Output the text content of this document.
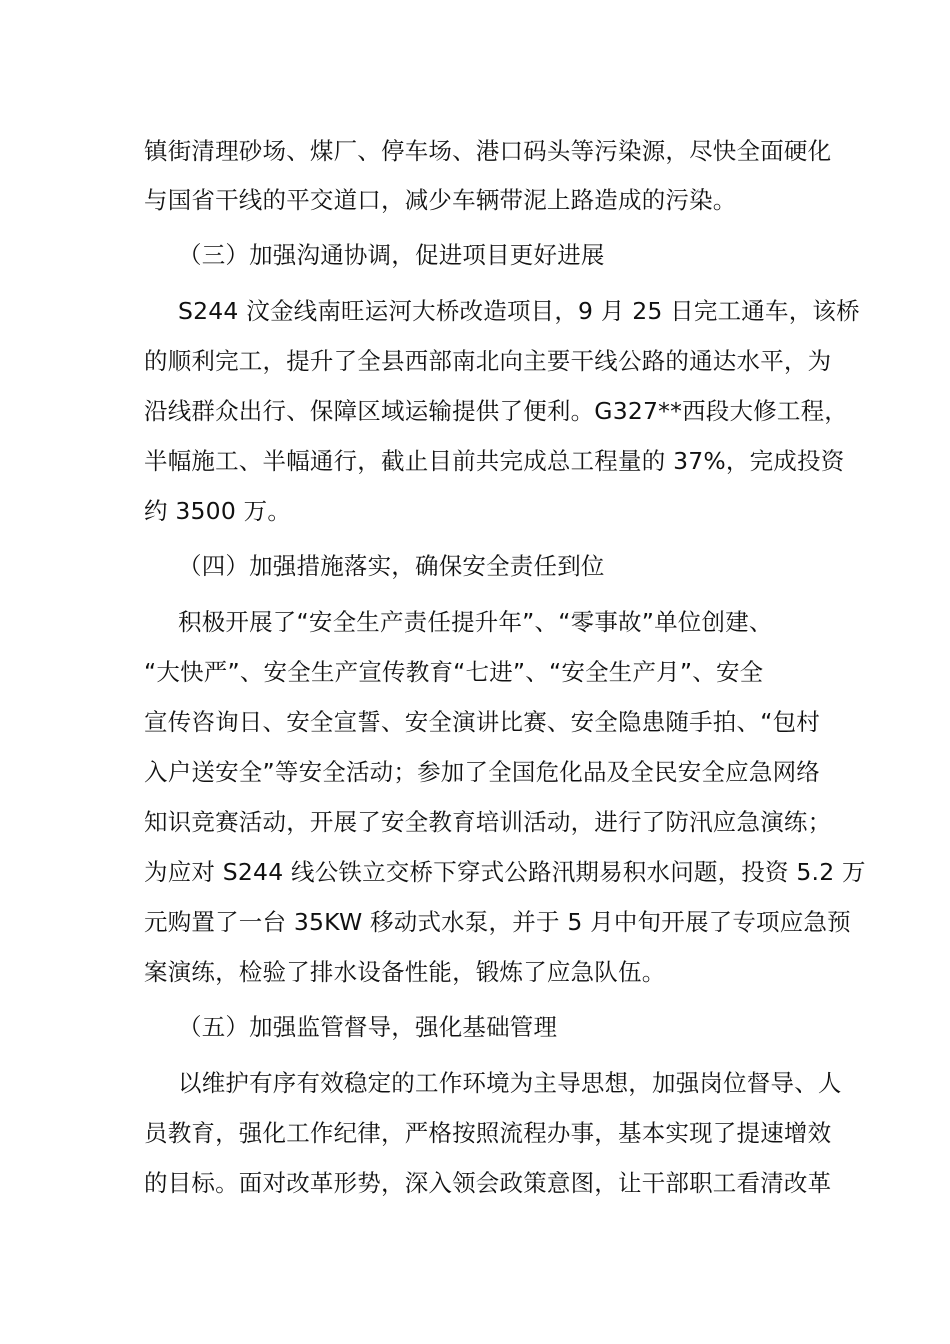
镇街清理砂场、煤厂、停车场、港口码头等污染源，尽快全面硬化
与国省干线的平交道口，减少车辆带泥上路造成的污染。
（三）加强沟通协调，促进项目更好进展
S244 汶金线南旺运河大桥改造项目，9 月 25 日完工通车，该桥
的顺利完工，提升了全县西部南北向主要干线公路的通达水平，为
沿线群众出行、保障区域运输提供了便利。G327**西段大修工程，
半幅施工、半幅通行，截止目前共完成总工程量的 37%，完成投资
约 3500 万。
（四）加强措施落实，确保安全责任到位
积极开展了“安全生产责任提升年”、“零事故”单位创建、
“大快严”、安全生产宣传教育“七进”、“安全生产月”、安全
宣传咨询日、安全宣誓、安全演讲比赛、安全隐患随手拍、“包村
入户送安全”等安全活动；参加了全国危化品及全民安全应急网络
知识竞赛活动，开展了安全教育培训活动，进行了防汛应急演练；
为应对 S244 线公铁立交桥下穿式公路汛期易积水问题，投资 5.2 万
元购置了一台 35KW 移动式水泵，并于 5 月中旬开展了专项应急预
案演练，检验了排水设备性能，锻炼了应急队伍。
（五）加强监管督导，强化基础管理
以维护有序有效稳定的工作环境为主导思想，加强岗位督导、人
员教育，强化工作纪律，严格按照流程办事，基本实现了提速增效
的目标。面对改革形势，深入领会政策意图，让干部职工看清改革
